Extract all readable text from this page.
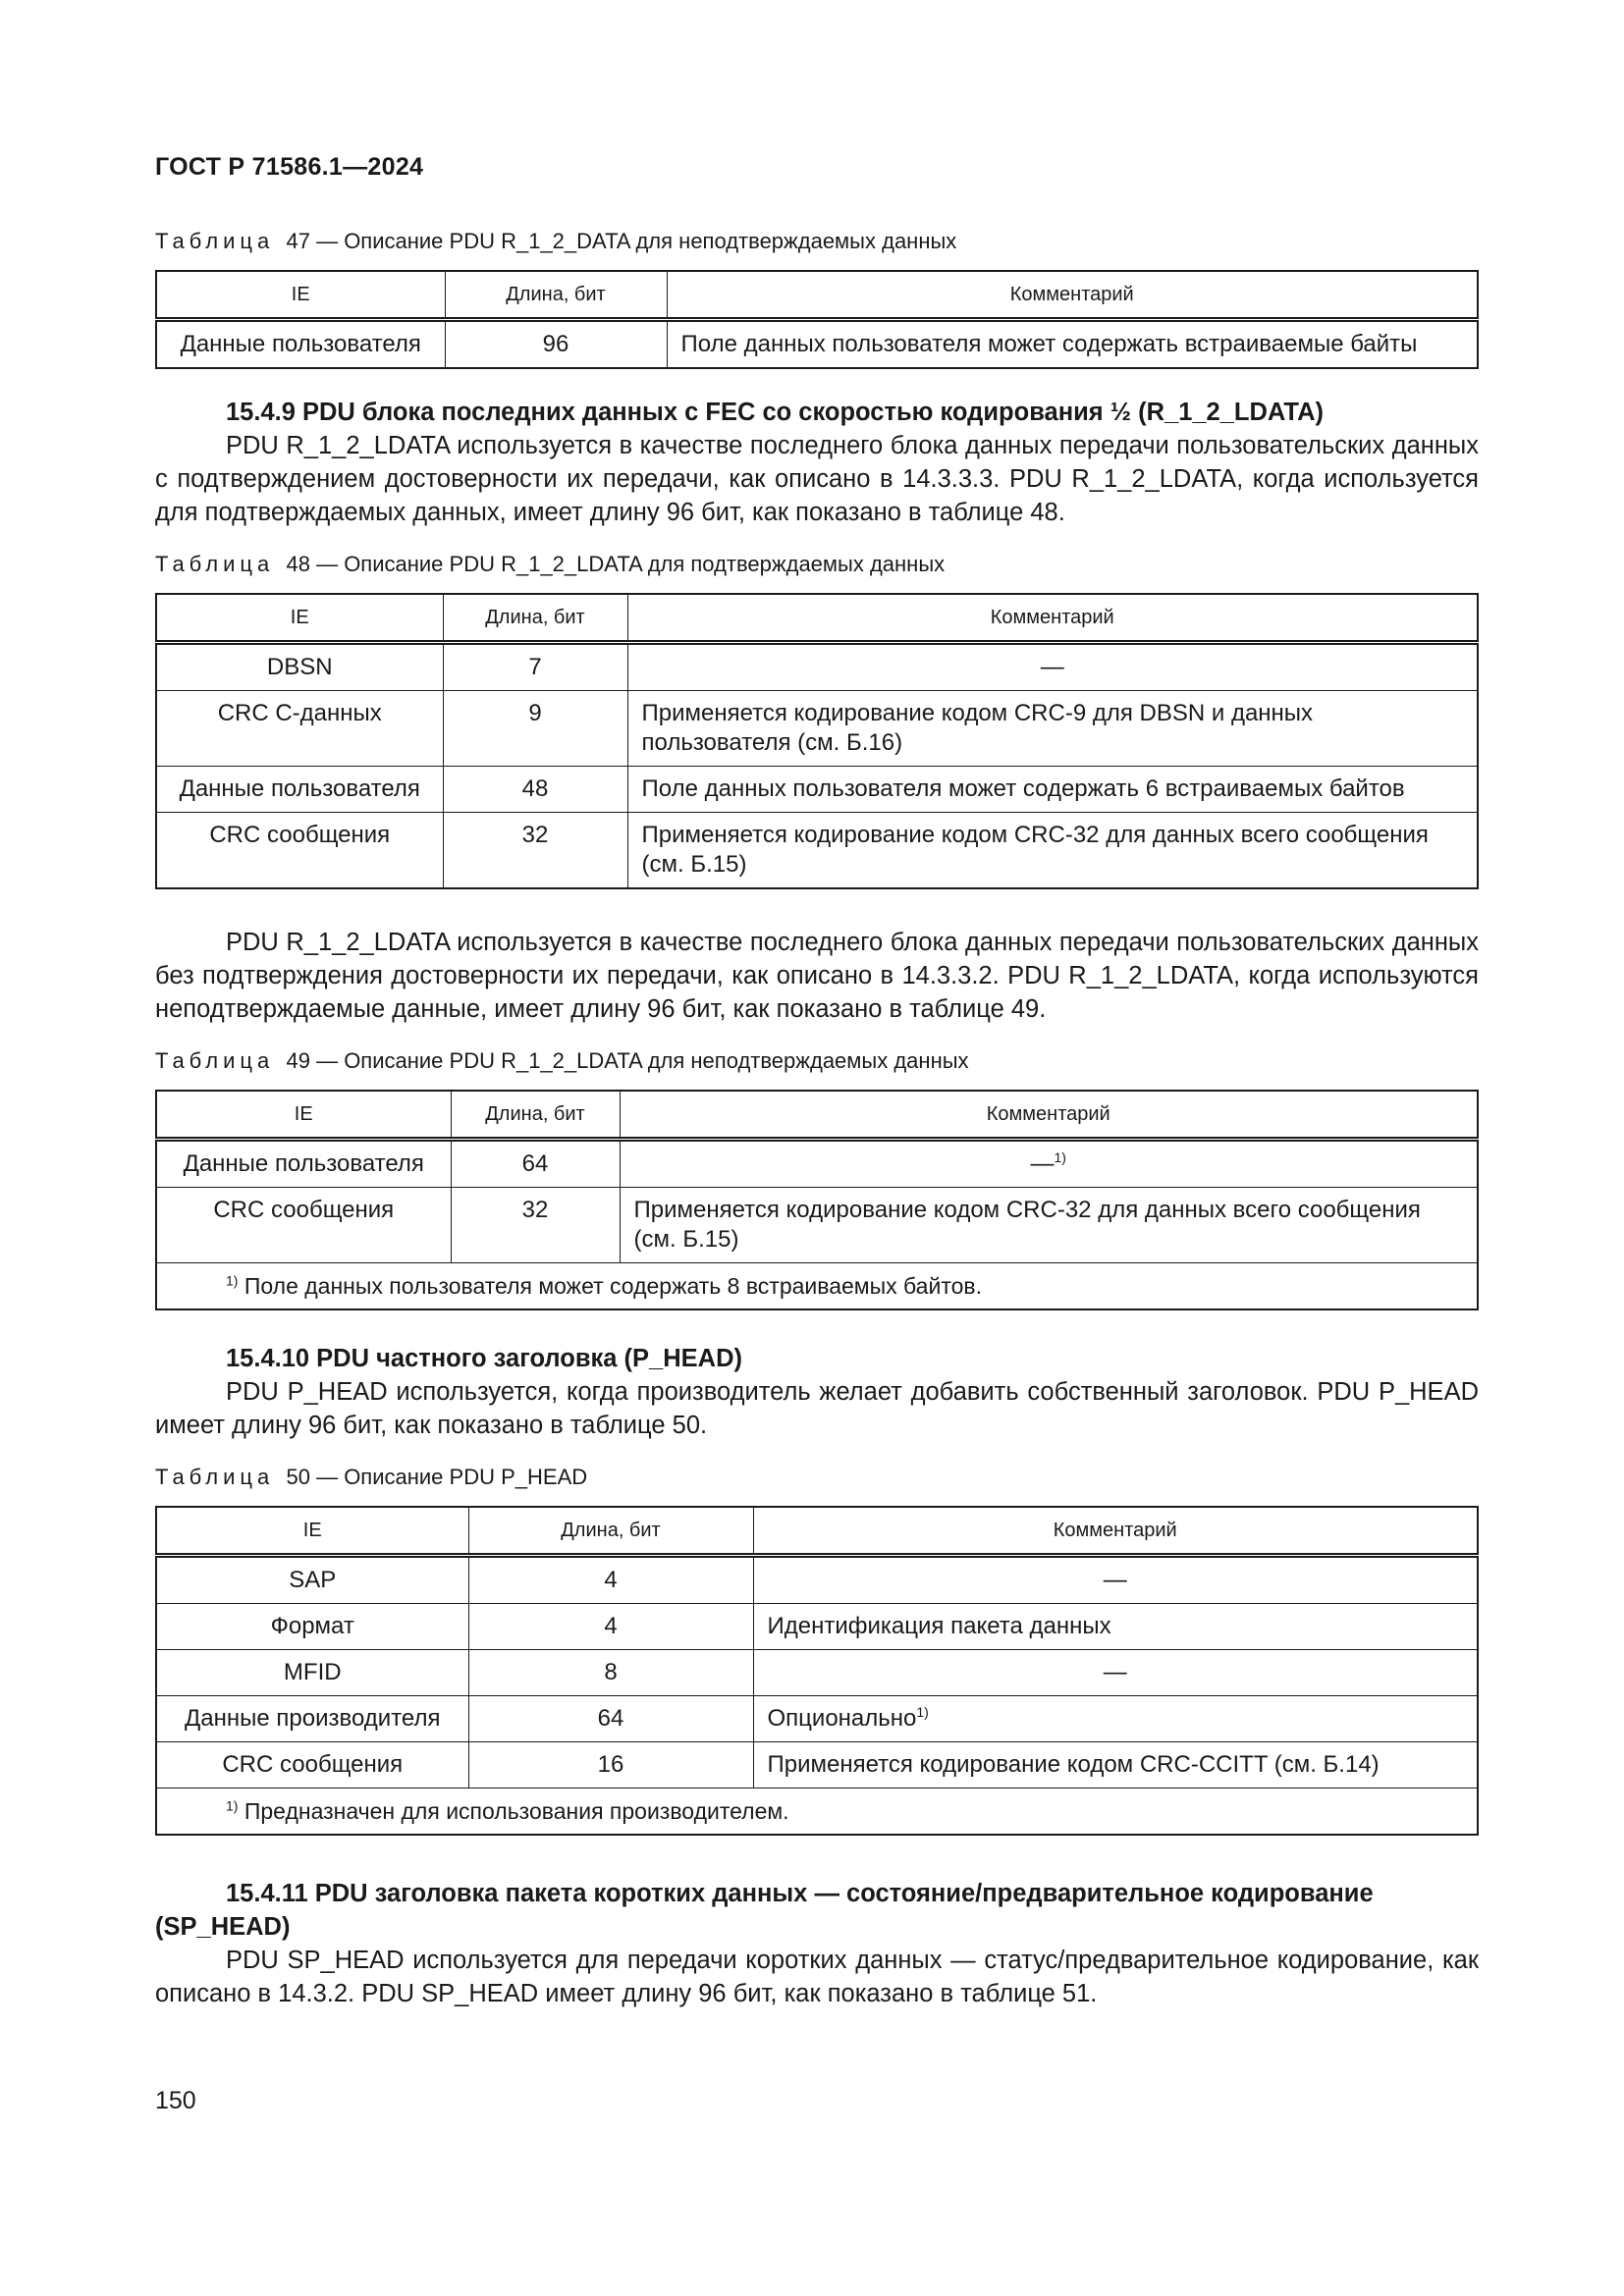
ГОСТ Р 71586.1—2024
Таблица 47 — Описание PDU R_1_2_DATA для неподтверждаемых данных
IE	Длина, бит	Комментарий
Данные пользователя	96	Поле данных пользователя может содержать встраиваемые байты
15.4.9 PDU блока последних данных с FEC со скоростью кодирования ½ (R_1_2_LDATA)
PDU R_1_2_LDATA используется в качестве последнего блока данных передачи пользовательских данных с подтверждением достоверности их передачи, как описано в 14.3.3.3. PDU R_1_2_LDATA, когда используется для подтверждаемых данных, имеет длину 96 бит, как показано в таблице 48.
Таблица 48 — Описание PDU R_1_2_LDATA для подтверждаемых данных
IE	Длина, бит	Комментарий
DBSN	7	—
CRC С-данных	9	Применяется кодирование кодом CRC-9 для DBSN и данных пользователя (см. Б.16)
Данные пользователя	48	Поле данных пользователя может содержать 6 встраиваемых байтов
CRC сообщения	32	Применяется кодирование кодом CRC-32 для данных всего сообщения (см. Б.15)
PDU R_1_2_LDATA используется в качестве последнего блока данных передачи пользовательских данных без подтверждения достоверности их передачи, как описано в 14.3.3.2. PDU R_1_2_LDATA, когда используются неподтверждаемые данные, имеет длину 96 бит, как показано в таблице 49.
Таблица 49 — Описание PDU R_1_2_LDATA для неподтверждаемых данных
IE	Длина, бит	Комментарий
Данные пользователя	64	—$^{1)}$
CRC сообщения	32	Применяется кодирование кодом CRC-32 для данных всего сообщения (см. Б.15)
$^{1)}$ Поле данных пользователя может содержать 8 встраиваемых байтов.		
15.4.10 PDU частного заголовка (P_HEAD)
PDU P_HEAD используется, когда производитель желает добавить собственный заголовок. PDU P_HEAD имеет длину 96 бит, как показано в таблице 50.
Таблица 50 — Описание PDU P_HEAD
IE	Длина, бит	Комментарий
SAP	4	—
Формат	4	Идентификация пакета данных
MFID	8	—
Данные производителя	64	Опционально$^{1)}$
CRC сообщения	16	Применяется кодирование кодом CRC-CCITT (см. Б.14)
$^{1)}$ Предназначен для использования производителем.		
15.4.11 PDU заголовка пакета коротких данных — состояние/предварительное кодирование (SP_HEAD)
PDU SP_HEAD используется для передачи коротких данных — статус/предварительное кодирование, как описано в 14.3.2. PDU SP_HEAD имеет длину 96 бит, как показано в таблице 51.
150
